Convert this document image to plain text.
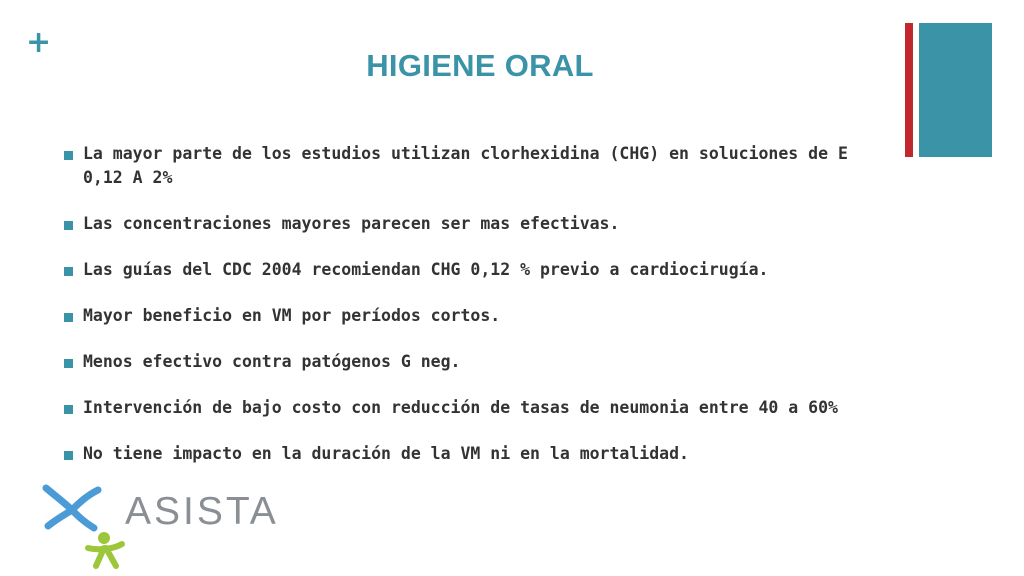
+
HIGIENE ORAL
La mayor parte de los estudios utilizan clorhexidina (CHG) en soluciones de E 0,12 A 2%
Las concentraciones mayores parecen ser mas efectivas.
Las guías del CDC 2004 recomiendan CHG 0,12 % previo a cardiocirugía.
Mayor beneficio en VM por períodos cortos.
Menos efectivo contra patógenos G neg.
Intervención de bajo costo con reducción de tasas de neumonia entre 40 a 60%
No tiene impacto en la duración de la VM ni en la mortalidad.
ASISTA
